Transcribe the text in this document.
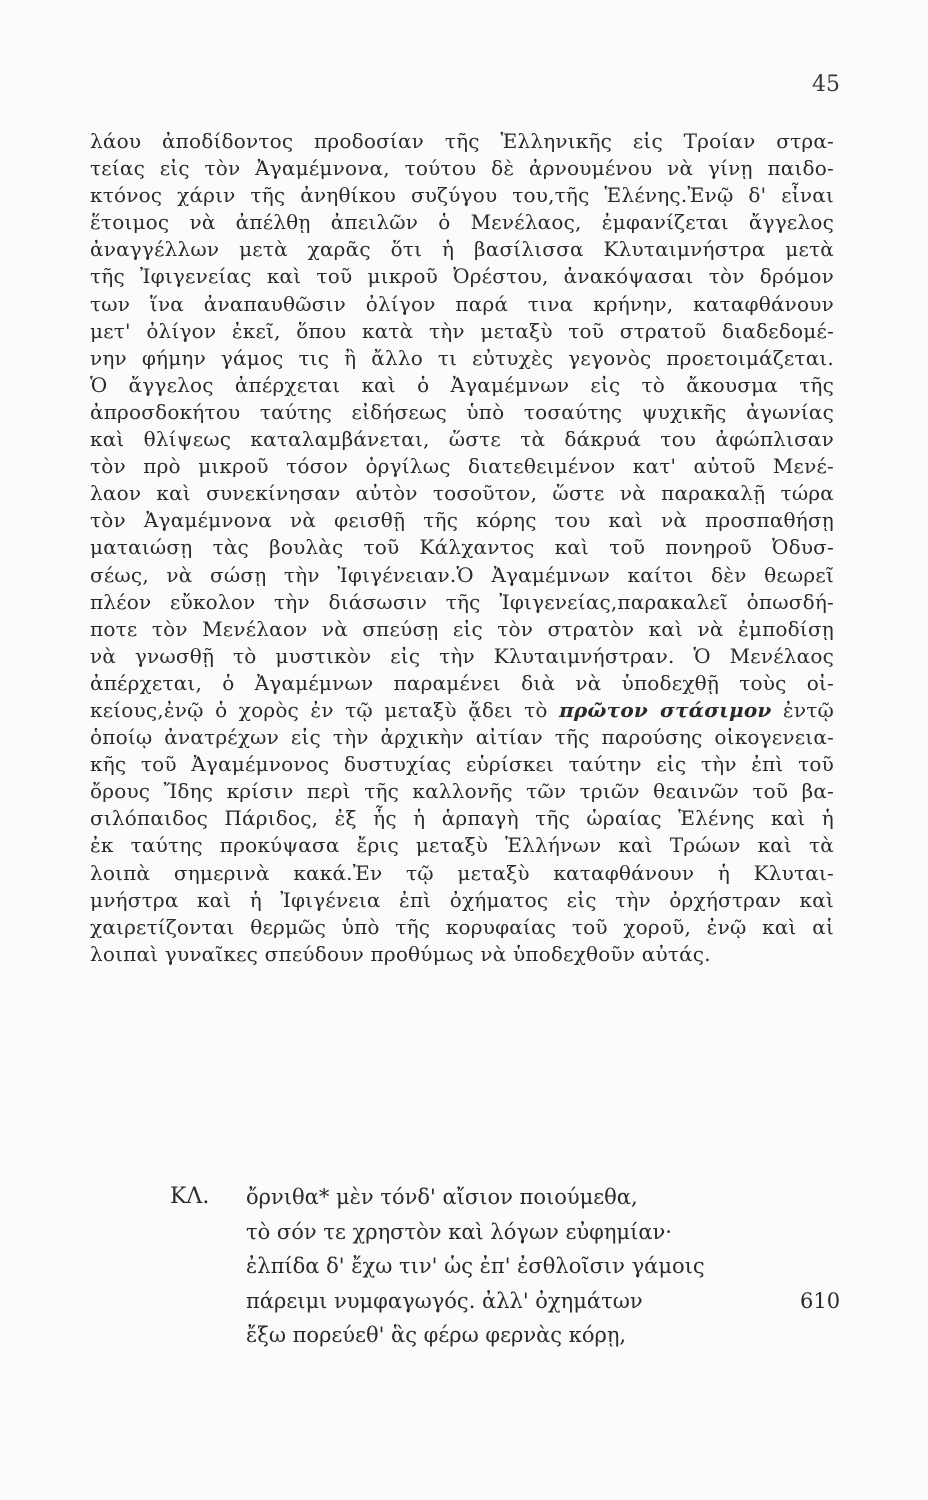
45
λάου ἀποδίδοντος προδοσίαν τῆς Ἑλληνικῆς εἰς Τροίαν στρα-
τείας εἰς τὸν Ἀγαμέμνονα, τούτου δὲ ἀρνουμένου νὰ γίνῃ παιδο-
κτόνος χάριν τῆς ἀνηθίκου συζύγου του,τῆς Ἑλένης.Ἐνῷ δ' εἶναι
ἕτοιμος νὰ ἀπέλθῃ ἀπειλῶν ὁ Μενέλαος, ἐμφανίζεται ἄγγελος
ἀναγγέλλων μετὰ χαρᾶς ὅτι ἡ βασίλισσα Κλυταιμνήστρα μετὰ
τῆς Ἰφιγενείας καὶ τοῦ μικροῦ Ὀρέστου, ἀνακόψασαι τὸν δρόμον
των ἵνα ἀναπαυθῶσιν ὀλίγον παρά τινα κρήνην, καταφθάνουν
μετ' ὀλίγον ἐκεῖ, ὅπου κατὰ τὴν μεταξὺ τοῦ στρατοῦ διαδεδομέ-
νην φήμην γάμος τις ἢ ἄλλο τι εὐτυχὲς γεγονὸς προετοιμάζεται.
Ὁ ἄγγελος ἀπέρχεται καὶ ὁ Ἀγαμέμνων εἰς τὸ ἄκουσμα τῆς
ἀπροσδοκήτου ταύτης εἰδήσεως ὑπὸ τοσαύτης ψυχικῆς ἀγωνίας
καὶ θλίψεως καταλαμβάνεται, ὥστε τὰ δάκρυά του ἀφώπλισαν
τὸν πρὸ μικροῦ τόσον ὀργίλως διατεθειμένον κατ' αὐτοῦ Μενέ-
λαον καὶ συνεκίνησαν αὐτὸν τοσοῦτον, ὥστε νὰ παρακαλῇ τώρα
τὸν Ἀγαμέμνονα νὰ φεισθῇ τῆς κόρης του καὶ νὰ προσπαθήσῃ
ματαιώσῃ τὰς βουλὰς τοῦ Κάλχαντος καὶ τοῦ πονηροῦ Ὀδυσ-
σέως, νὰ σώσῃ τὴν Ἰφιγένειαν.Ὁ Ἀγαμέμνων καίτοι δὲν θεωρεῖ
πλέον εὔκολον τὴν διάσωσιν τῆς Ἰφιγενείας,παρακαλεῖ ὁπωσδή-
ποτε τὸν Μενέλαον νὰ σπεύσῃ εἰς τὸν στρατὸν καὶ νὰ ἐμποδίσῃ
νὰ γνωσθῇ τὸ μυστικὸν εἰς τὴν Κλυταιμνήστραν. Ὁ Μενέλαος
ἀπέρχεται, ὁ Ἀγαμέμνων παραμένει διὰ νὰ ὑποδεχθῇ τοὺς οἰ-
κείους,ἐνῷ ὁ χορὸς ἐν τῷ μεταξὺ ᾄδει τὸ πρῶτον στάσιμον ἐντῷ
ὁποίῳ ἀνατρέχων εἰς τὴν ἀρχικὴν αἰτίαν τῆς παρούσης οἰκογενεια-
κῆς τοῦ Ἀγαμέμνονος δυστυχίας εὑρίσκει ταύτην εἰς τὴν ἐπὶ τοῦ
ὄρους Ἴδης κρίσιν περὶ τῆς καλλονῆς τῶν τριῶν θεαινῶν τοῦ βα-
σιλόπαιδος Πάριδος, ἐξ ἧς ἡ ἁρπαγὴ τῆς ὡραίας Ἑλένης καὶ ἡ
ἐκ ταύτης προκύψασα ἔρις μεταξὺ Ἑλλήνων καὶ Τρώων καὶ τὰ
λοιπὰ σημερινὰ κακά.Ἐν τῷ μεταξὺ καταφθάνουν ἡ Κλυται-
μνήστρα καὶ ἡ Ἰφιγένεια ἐπὶ ὀχήματος εἰς τὴν ὀρχήστραν καὶ
χαιρετίζονται θερμῶς ὑπὸ τῆς κορυφαίας τοῦ χοροῦ, ἐνῷ καὶ αἱ
λοιπαὶ γυναῖκες σπεύδουν προθύμως νὰ ὑποδεχθοῦν αὐτάς.
ΚΛ. ὄρνιθα* μὲν τόνδ' αἴσιον ποιούμεθα,
τὸ σόν τε χρηστὸν καὶ λόγων εὐφημίαν·
ἐλπίδα δ' ἔχω τιν' ὡς ἐπ' ἐσθλοῖσιν γάμοις
πάρειμι νυμφαγωγός. ἀλλ' ὀχημάτων	610
ἔξω πορεύεθ' ἃς φέρω φερνὰς κόρῃ,
